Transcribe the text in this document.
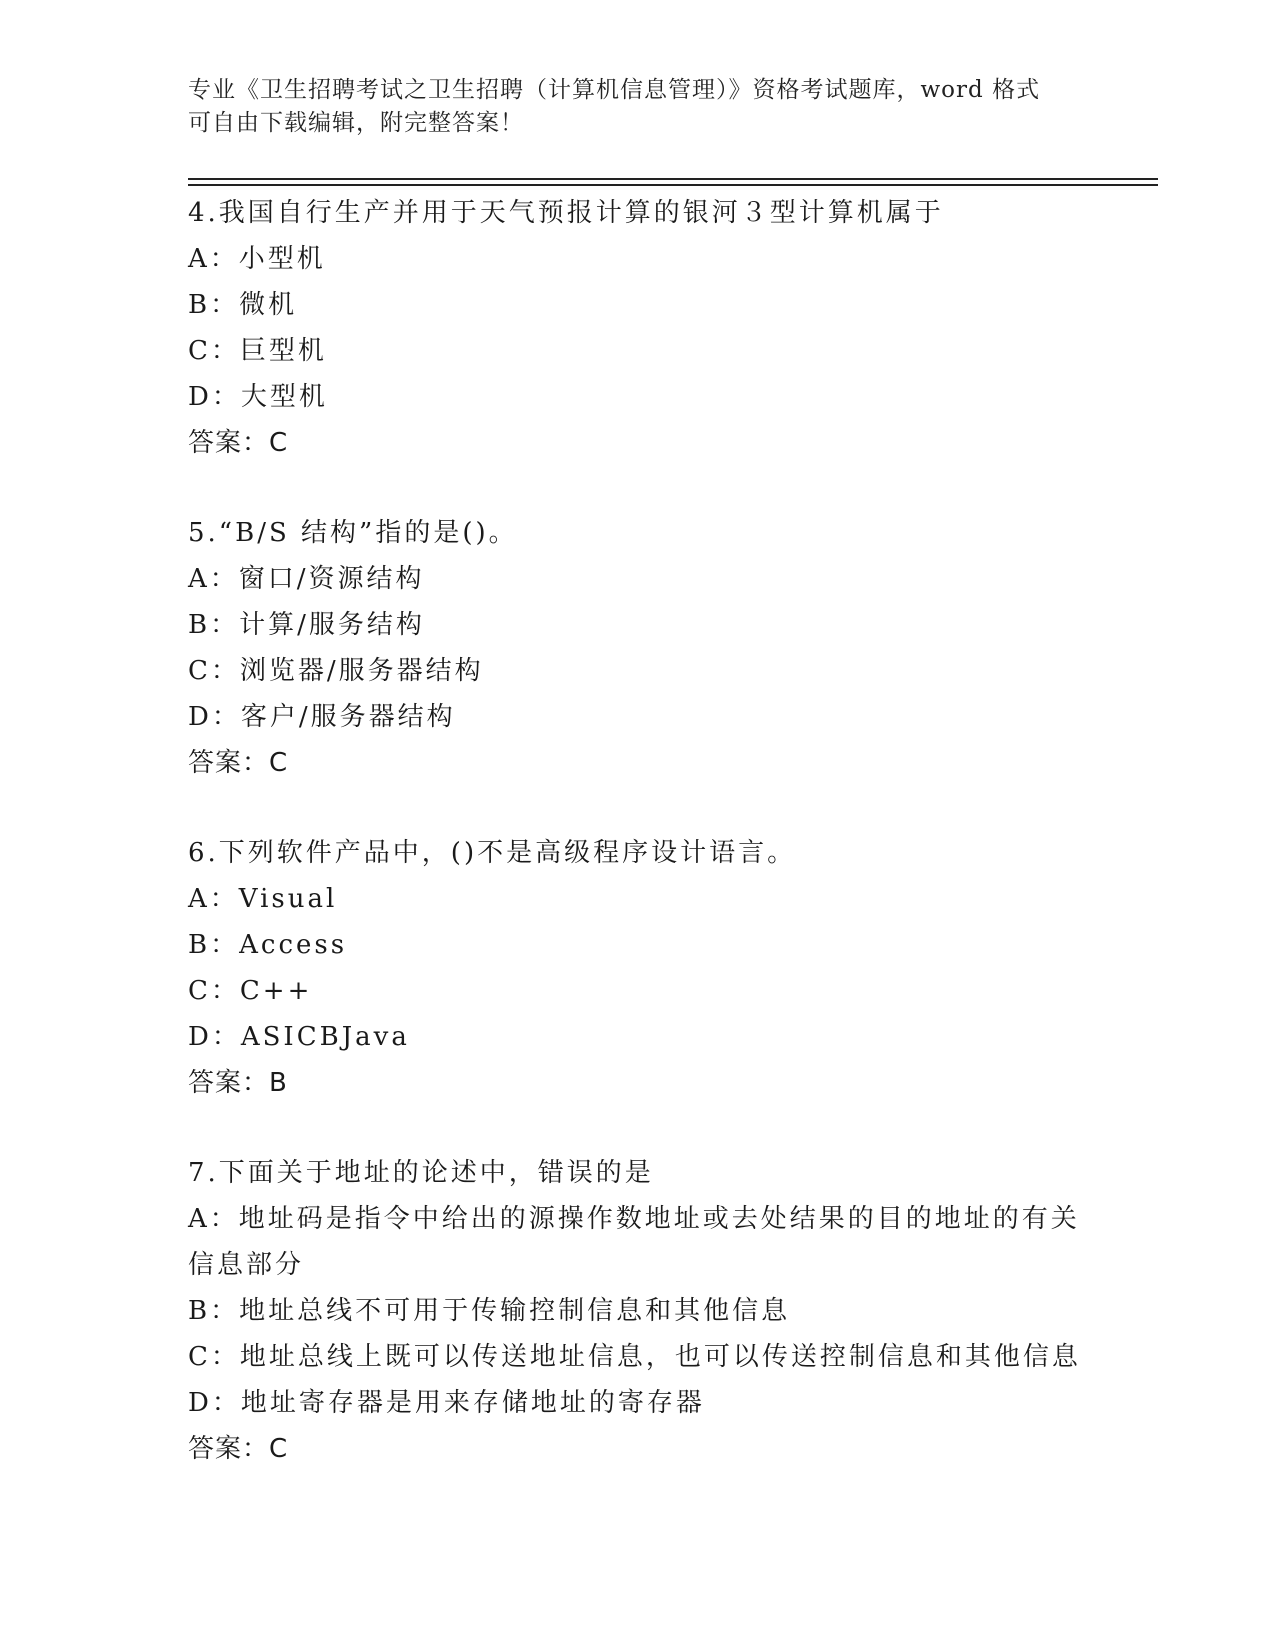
专业《卫生招聘考试之卫生招聘（计算机信息管理）》资格考试题库，word 格式
可自由下载编辑，附完整答案！
4.我国自行生产并用于天气预报计算的银河３型计算机属于
A：小型机
B：微机
C：巨型机
D：大型机
答案：C
5.“B/S 结构”指的是()。
A：窗口/资源结构
B：计算/服务结构
C：浏览器/服务器结构
D：客户/服务器结构
答案：C
6.下列软件产品中，()不是高级程序设计语言。
A：Visual
B：Access
C：C++
D：ASICBJava
答案：B
7.下面关于地址的论述中，错误的是
A：地址码是指令中给出的源操作数地址或去处结果的目的地址的有关信息部分
B：地址总线不可用于传输控制信息和其他信息
C：地址总线上既可以传送地址信息，也可以传送控制信息和其他信息
D：地址寄存器是用来存储地址的寄存器
答案：C
